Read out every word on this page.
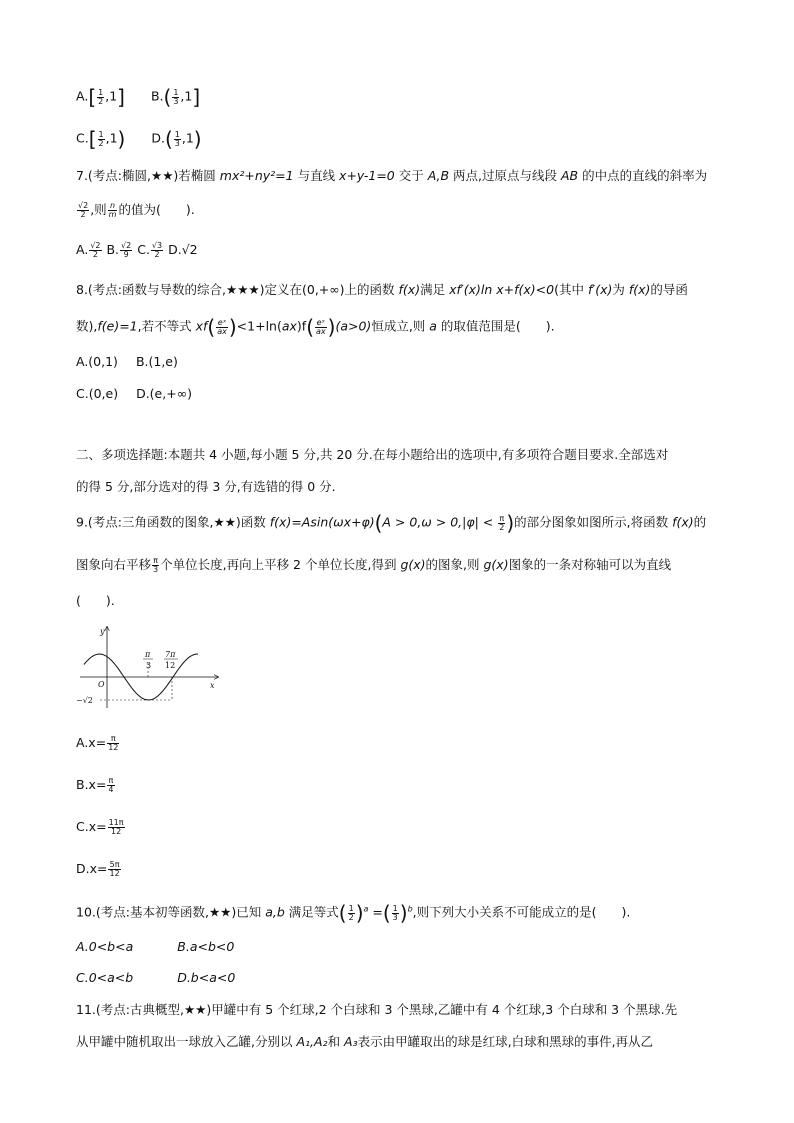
$A.[ \frac{1}{2} ,1]$ $B.( \frac{1}{3} ,1]$
$C.[ \frac{1}{2} ,1)$ $D.( \frac{1}{3} ,1)$
7.(考点:椭圆,★★)若椭圆 mx²+ny²=1 与直线 x+y-1=0 交于 A,B 两点,过原点与线段 AB 的中点的直线的斜率为
$\frac{√2}{2}$ ,则 $\frac{n}{m}$ 的值为(　　).
A. $\frac{√2}{2} B$. $\frac{√2}{9} C$. $\frac{√3}{2} D.√2$
8.(考点:函数与导数的综合,★★★)定义在(0,+∞)上的函数 f(x)满足 xf′(x)ln x+f(x)<0(其中 f′(x)为 f(x)的导函
数),f(e)=1,若不等式 $xf( \frac{\text{eˣ}}{ax} )<1+\ln(ax)f( \frac{\text{eˣ}}{ax} )(a>0)$恒成立,则 a 的取值范围是(　　).
A.(0,1) B.(1,e)
C.(0,e) D.(e,+∞)
二、多项选择题:本题共 4 小题,每小题 5 分,共 20 分.在每小题给出的选项中,有多项符合题目要求.全部选对
的得 5 分,部分选对的得 3 分,有选错的得 0 分.
9.(考点:三角函数的图象,★★)函数 $f(x)=Asin(\omega x+\varphi)(A > 0,\omega > 0,|\varphi| < \frac{\pi}{2}$ )的部分图象如图所示,将函数 f(x)的
图象向右平移 $\frac{\pi}{3}$ 个单位长度,再向上平移 2 个单位长度,得到 g(x)的图象,则 g(x)图象的一条对称轴可以为直线
(　　).
y
x
O
π
3
7π
12
−√2
$A.x= \frac{\pi}{12}$
$B.x= \frac{\pi}{4}$
$C.x= \frac{11\pi}{12}$
$D.x= \frac{5\pi}{12}$
10.(考点:基本初等函数,★★)已知 a,b 满足等式( $\frac{1}{2} )^a$ =( $\frac{1}{3} )^b$,则下列大小关系不可能成立的是(　　).
A.0<b<a	B.a<b<0
C.0<a<b	D.b<a<0
11.(考点:古典概型,★★)甲罐中有 5 个红球,2 个白球和 3 个黑球,乙罐中有 4 个红球,3 个白球和 3 个黑球.先
从甲罐中随机取出一球放入乙罐,分别以 A₁,A₂和 A₃表示由甲罐取出的球是红球,白球和黑球的事件,再从乙
